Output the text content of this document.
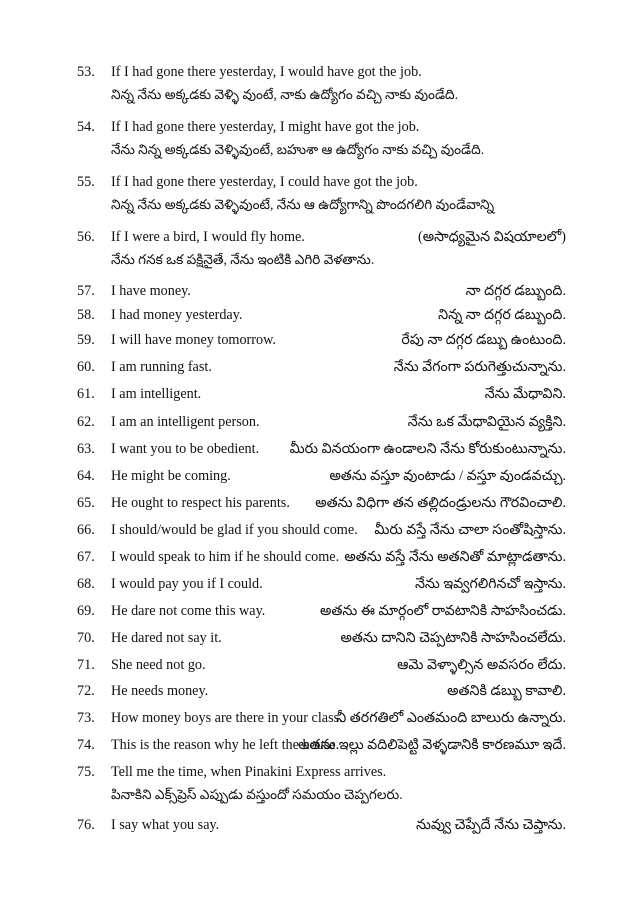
53.	If I had gone there yesterday, I would have got the job.
నిన్న నేను అక్కడకు వెళ్ళి వుంటే, నాకు ఉద్యోగం వచ్చి నాకు వుండేది.
54.	If I had gone there yesterday, I might have got the job.
నేను నిన్న అక్కడకు వెళ్ళివుంటే, బహుశా ఆ ఉద్యోగం నాకు వచ్చి వుండేది.
55.	If I had gone there yesterday, I could have got the job.
నిన్న నేను అక్కడకు వెళ్ళివుంటే, నేను ఆ ఉద్యోగాన్ని పొందగలిగి వుండేవాన్ని
56.	If I were a bird, I would fly home.	(అసాధ్యమైన విషయాలలో)
నేను గనక ఒక పక్షినైతే, నేను ఇంటికి ఎగిరి వెళతాను.
57.	I have money.	నా దగ్గర డబ్బుంది.
58.	I had money yesterday.	నిన్న నా దగ్గర డబ్బుంది.
59.	I will have money tomorrow.	రేపు నా దగ్గర డబ్బు ఉంటుంది.
60.	I am running fast.	నేను వేగంగా పరుగెత్తుచున్నాను.
61.	I am intelligent.	నేను మేధావిని.
62.	I am an intelligent person.	నేను ఒక మేధావియైన వ్యక్తిని.
63.	I want you to be obedient. మీరు వినయంగా ఉండాలని నేను కోరుకుంటున్నాను.
64.	He might be coming.	అతను వస్తూ వుంటాడు / వస్తూ వుండవచ్చు.
65.	He ought to respect his parents. అతను విధిగా తన తల్లిదండ్రులను గౌరవించాలి.
66.	I should/would be glad if you should come. మీరు వస్తే నేను చాలా సంతోషిస్తాను.
67.	I would speak to him if he should come. అతను వస్తే నేను అతనితో మాట్లాడతాను.
68.	I would pay you if I could.	నేను ఇవ్వగలిగినచో ఇస్తాను.
69.	He dare not come this way.	అతను ఈ మార్గంలో రావటానికి సాహసించడు.
70.	He dared not say it.	అతను దానిని చెప్పటానికి సాహసించలేదు.
71.	She need not go.	ఆమె వెళ్ళాల్సిన అవసరం లేదు.
72.	He needs money.	అతనికి డబ్బు కావాలి.
73.	How money boys are there in your class.
నీ తరగతిలో ఎంతమంది బాలురు ఉన్నారు.
74.	This is the reason why he left the house.
అతను ఇల్లు వదిలిపెట్టి వెళ్ళడానికి కారణమూ ఇదే.
75.	Tell me the time, when Pinakini Express arrives.
పినాకిని ఎక్స్‌ప్రెస్ ఎప్పుడు వస్తుందో సమయం చెప్పగలరు.
76.	I say what you say.	నువ్వు చెప్పేదే నేను చెప్తాను.
